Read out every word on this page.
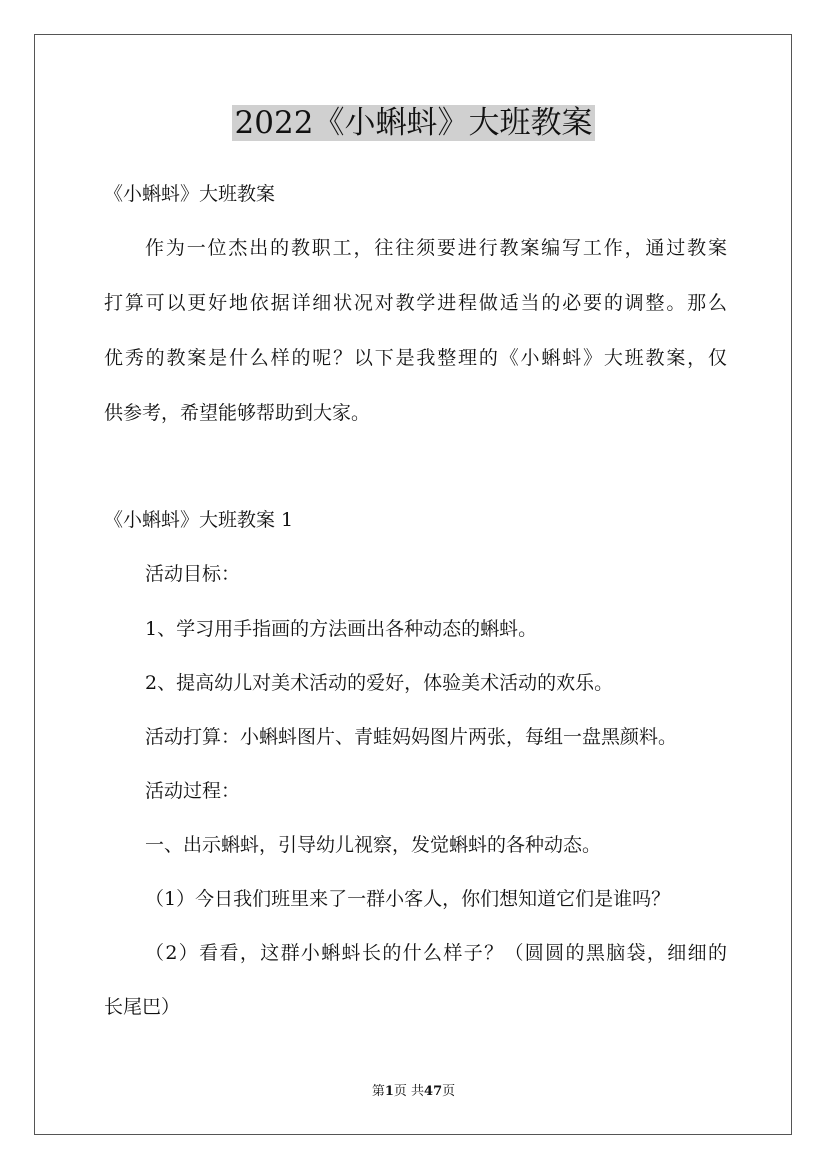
2022《小蝌蚪》大班教案

《小蝌蚪》大班教案

作为一位杰出的教职工，往往须要进行教案编写工作，通过教案

打算可以更好地依据详细状况对教学进程做适当的必要的调整。那么

优秀的教案是什么样的呢？以下是我整理的《小蝌蚪》大班教案，仅

供参考，希望能够帮助到大家。

《小蝌蚪》大班教案 1

活动目标：

1、学习用手指画的方法画出各种动态的蝌蚪。

2、提高幼儿对美术活动的爱好，体验美术活动的欢乐。

活动打算：小蝌蚪图片、青蛙妈妈图片两张，每组一盘黑颜料。

活动过程：

一、出示蝌蚪，引导幼儿视察，发觉蝌蚪的各种动态。

（1）今日我们班里来了一群小客人，你们想知道它们是谁吗？

（2）看看，这群小蝌蚪长的什么样子？（圆圆的黑脑袋，细细的

长尾巴）

第1页 共47页
